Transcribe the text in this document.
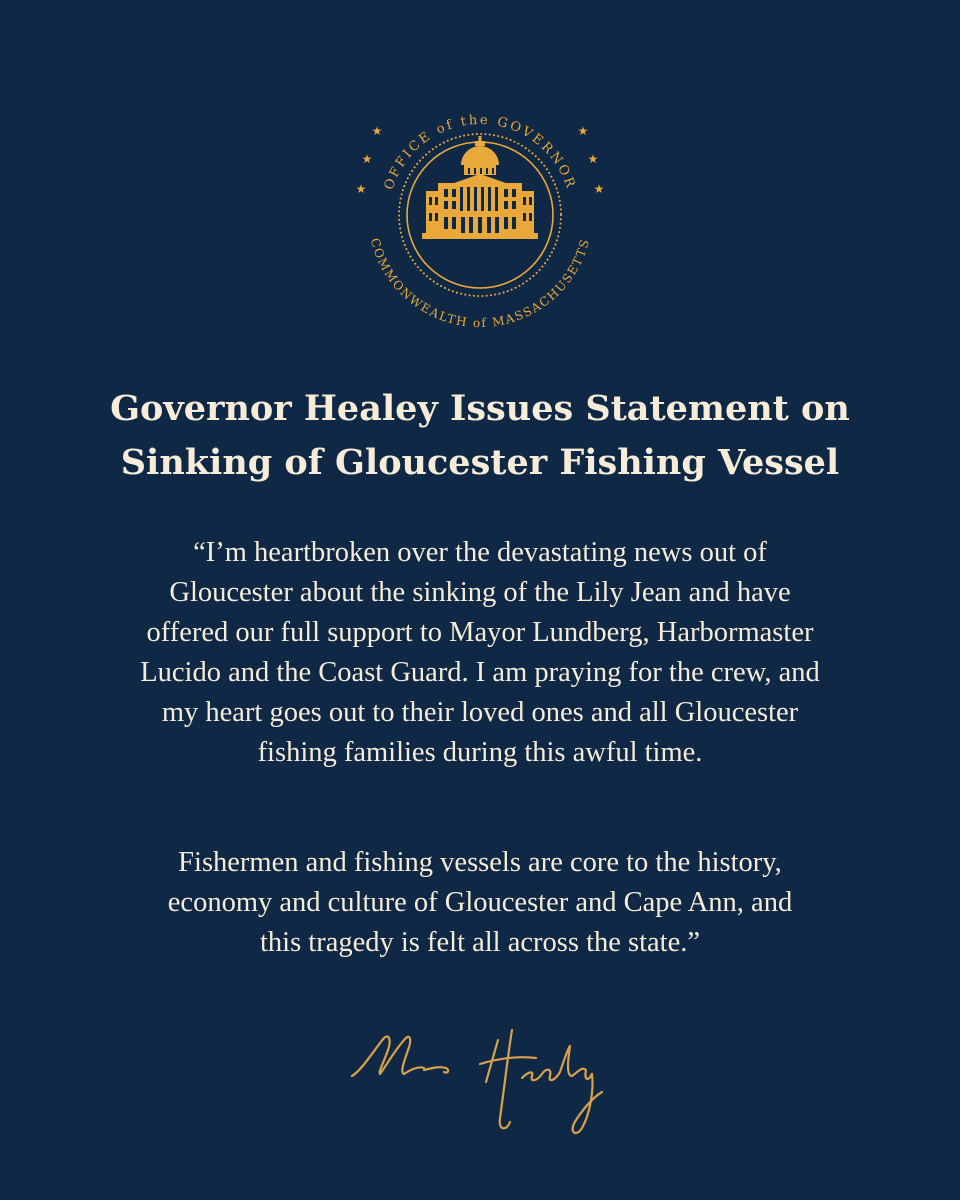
OFFICE of the GOVERNOR
COMMONWEALTH of MASSACHUSETTS
★
★
★
★
★
★
Governor Healey Issues Statement on
Sinking of Gloucester Fishing Vessel

“I’m heartbroken over the devastating news out of
Gloucester about the sinking of the Lily Jean and have
offered our full support to Mayor Lundberg, Harbormaster
Lucido and the Coast Guard. I am praying for the crew, and
my heart goes out to their loved ones and all Gloucester
fishing families during this awful time.

Fishermen and fishing vessels are core to the history,
economy and culture of Gloucester and Cape Ann, and
this tragedy is felt all across the state.”
